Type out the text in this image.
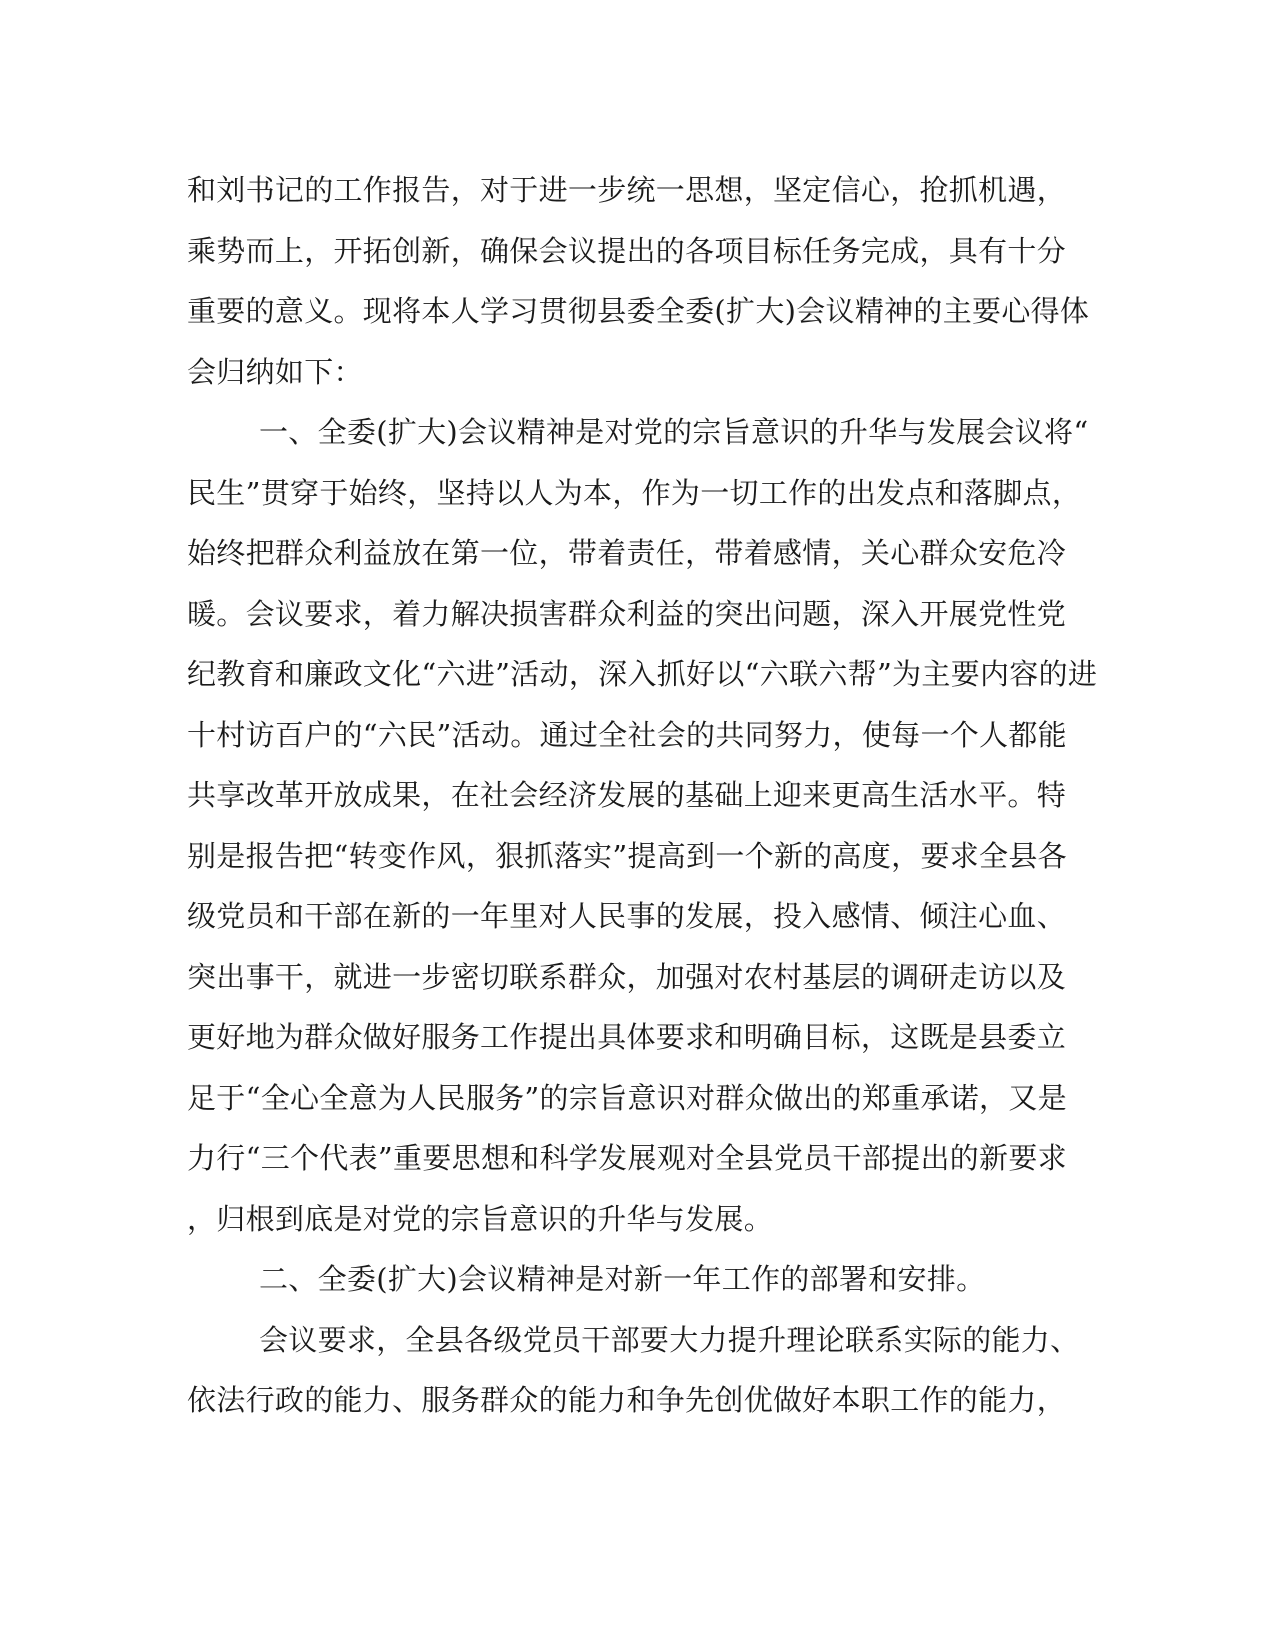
和刘书记的工作报告，对于进一步统一思想，坚定信心，抢抓机遇，
乘势而上，开拓创新，确保会议提出的各项目标任务完成，具有十分
重要的意义。现将本人学习贯彻县委全委(扩大)会议精神的主要心得体
会归纳如下：
一、全委(扩大)会议精神是对党的宗旨意识的升华与发展会议将“
民生”贯穿于始终，坚持以人为本，作为一切工作的出发点和落脚点，
始终把群众利益放在第一位，带着责任，带着感情，关心群众安危冷
暖。会议要求，着力解决损害群众利益的突出问题，深入开展党性党
纪教育和廉政文化“六进”活动，深入抓好以“六联六帮”为主要内容的进
十村访百户的“六民”活动。通过全社会的共同努力，使每一个人都能
共享改革开放成果，在社会经济发展的基础上迎来更高生活水平。特
别是报告把“转变作风，狠抓落实”提高到一个新的高度，要求全县各
级党员和干部在新的一年里对人民事的发展，投入感情、倾注心血、
突出事干，就进一步密切联系群众，加强对农村基层的调研走访以及
更好地为群众做好服务工作提出具体要求和明确目标，这既是县委立
足于“全心全意为人民服务”的宗旨意识对群众做出的郑重承诺，又是
力行“三个代表”重要思想和科学发展观对全县党员干部提出的新要求
，归根到底是对党的宗旨意识的升华与发展。
二、全委(扩大)会议精神是对新一年工作的部署和安排。
会议要求，全县各级党员干部要大力提升理论联系实际的能力、
依法行政的能力、服务群众的能力和争先创优做好本职工作的能力，
